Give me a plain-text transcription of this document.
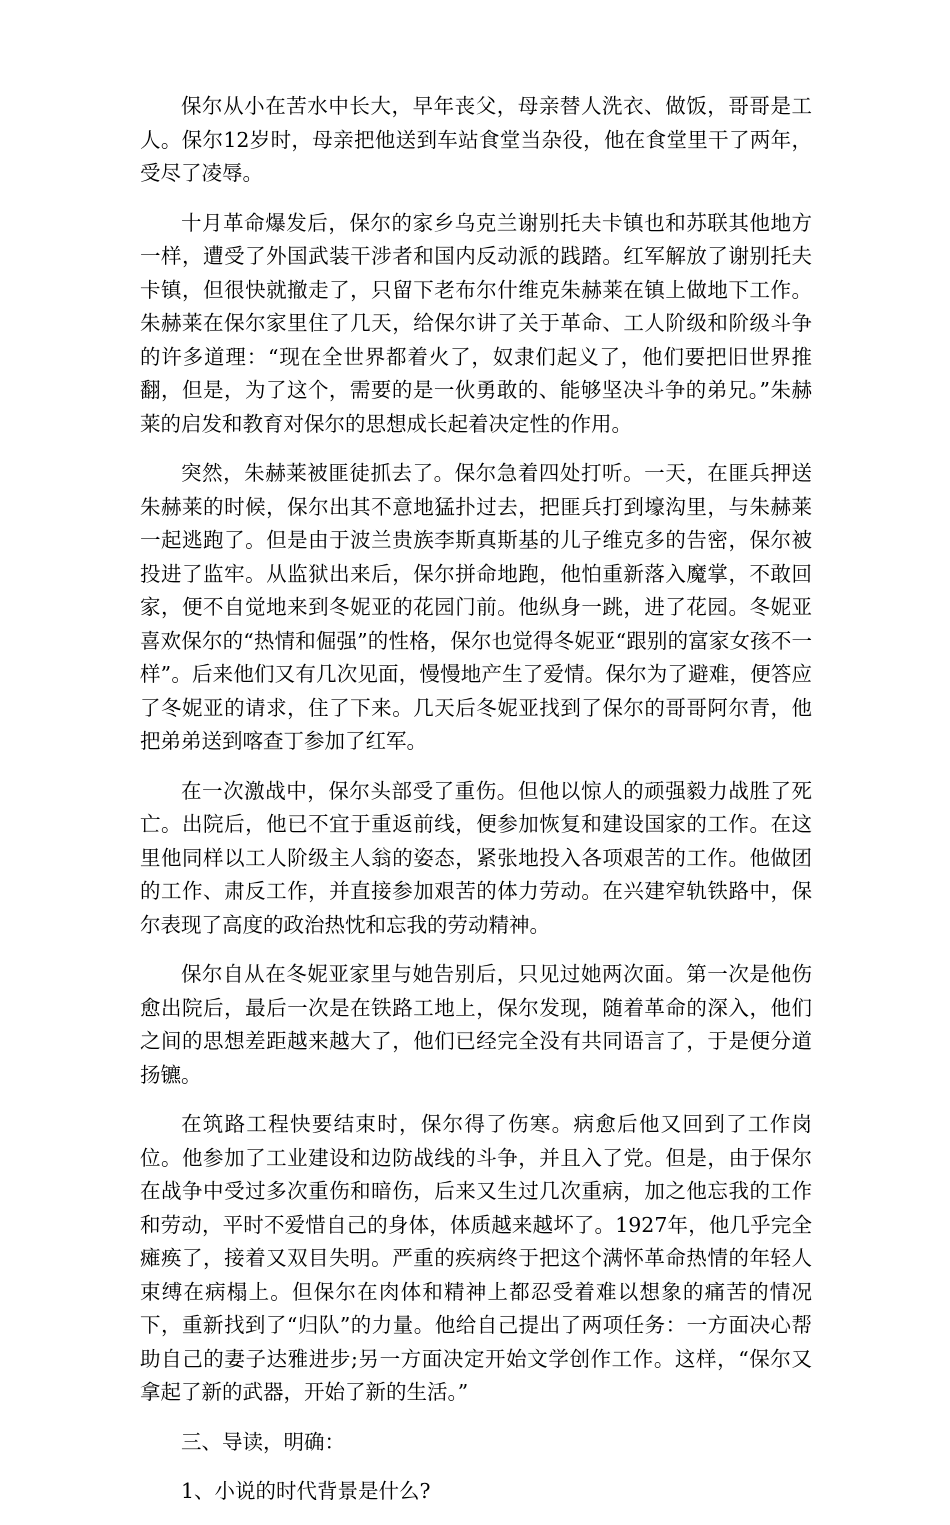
保尔从小在苦水中长大，早年丧父，母亲替人洗衣、做饭，哥哥是工人。保尔12岁时，母亲把他送到车站食堂当杂役，他在食堂里干了两年，受尽了凌辱。

十月革命爆发后，保尔的家乡乌克兰谢别托夫卡镇也和苏联其他地方一样，遭受了外国武装干涉者和国内反动派的践踏。红军解放了谢别托夫卡镇，但很快就撤走了，只留下老布尔什维克朱赫莱在镇上做地下工作。朱赫莱在保尔家里住了几天，给保尔讲了关于革命、工人阶级和阶级斗争的许多道理：“现在全世界都着火了，奴隶们起义了，他们要把旧世界推翻，但是，为了这个，需要的是一伙勇敢的、能够坚决斗争的弟兄。”朱赫莱的启发和教育对保尔的思想成长起着决定性的作用。

突然，朱赫莱被匪徒抓去了。保尔急着四处打听。一天，在匪兵押送朱赫莱的时候，保尔出其不意地猛扑过去，把匪兵打到壕沟里，与朱赫莱一起逃跑了。但是由于波兰贵族李斯真斯基的儿子维克多的告密，保尔被投进了监牢。从监狱出来后，保尔拼命地跑，他怕重新落入魔掌，不敢回家，便不自觉地来到冬妮亚的花园门前。他纵身一跳，进了花园。冬妮亚喜欢保尔的“热情和倔强”的性格，保尔也觉得冬妮亚“跟别的富家女孩不一样”。后来他们又有几次见面，慢慢地产生了爱情。保尔为了避难，便答应了冬妮亚的请求，住了下来。几天后冬妮亚找到了保尔的哥哥阿尔青，他把弟弟送到喀查丁参加了红军。

在一次激战中，保尔头部受了重伤。但他以惊人的顽强毅力战胜了死亡。出院后，他已不宜于重返前线，便参加恢复和建设国家的工作。在这里他同样以工人阶级主人翁的姿态，紧张地投入各项艰苦的工作。他做团的工作、肃反工作，并直接参加艰苦的体力劳动。在兴建窄轨铁路中，保尔表现了高度的政治热忱和忘我的劳动精神。

保尔自从在冬妮亚家里与她告别后，只见过她两次面。第一次是他伤愈出院后，最后一次是在铁路工地上，保尔发现，随着革命的深入，他们之间的思想差距越来越大了，他们已经完全没有共同语言了，于是便分道扬镳。

在筑路工程快要结束时，保尔得了伤寒。病愈后他又回到了工作岗位。他参加了工业建设和边防战线的斗争，并且入了党。但是，由于保尔在战争中受过多次重伤和暗伤，后来又生过几次重病，加之他忘我的工作和劳动，平时不爱惜自己的身体，体质越来越坏了。1927年，他几乎完全瘫痪了，接着又双目失明。严重的疾病终于把这个满怀革命热情的年轻人束缚在病榻上。但保尔在肉体和精神上都忍受着难以想象的痛苦的情况下，重新找到了“归队”的力量。他给自己提出了两项任务：一方面决心帮助自己的妻子达雅进步;另一方面决定开始文学创作工作。这样，“保尔又拿起了新的武器，开始了新的生活。”

三、导读，明确：

1、小说的时代背景是什么?
